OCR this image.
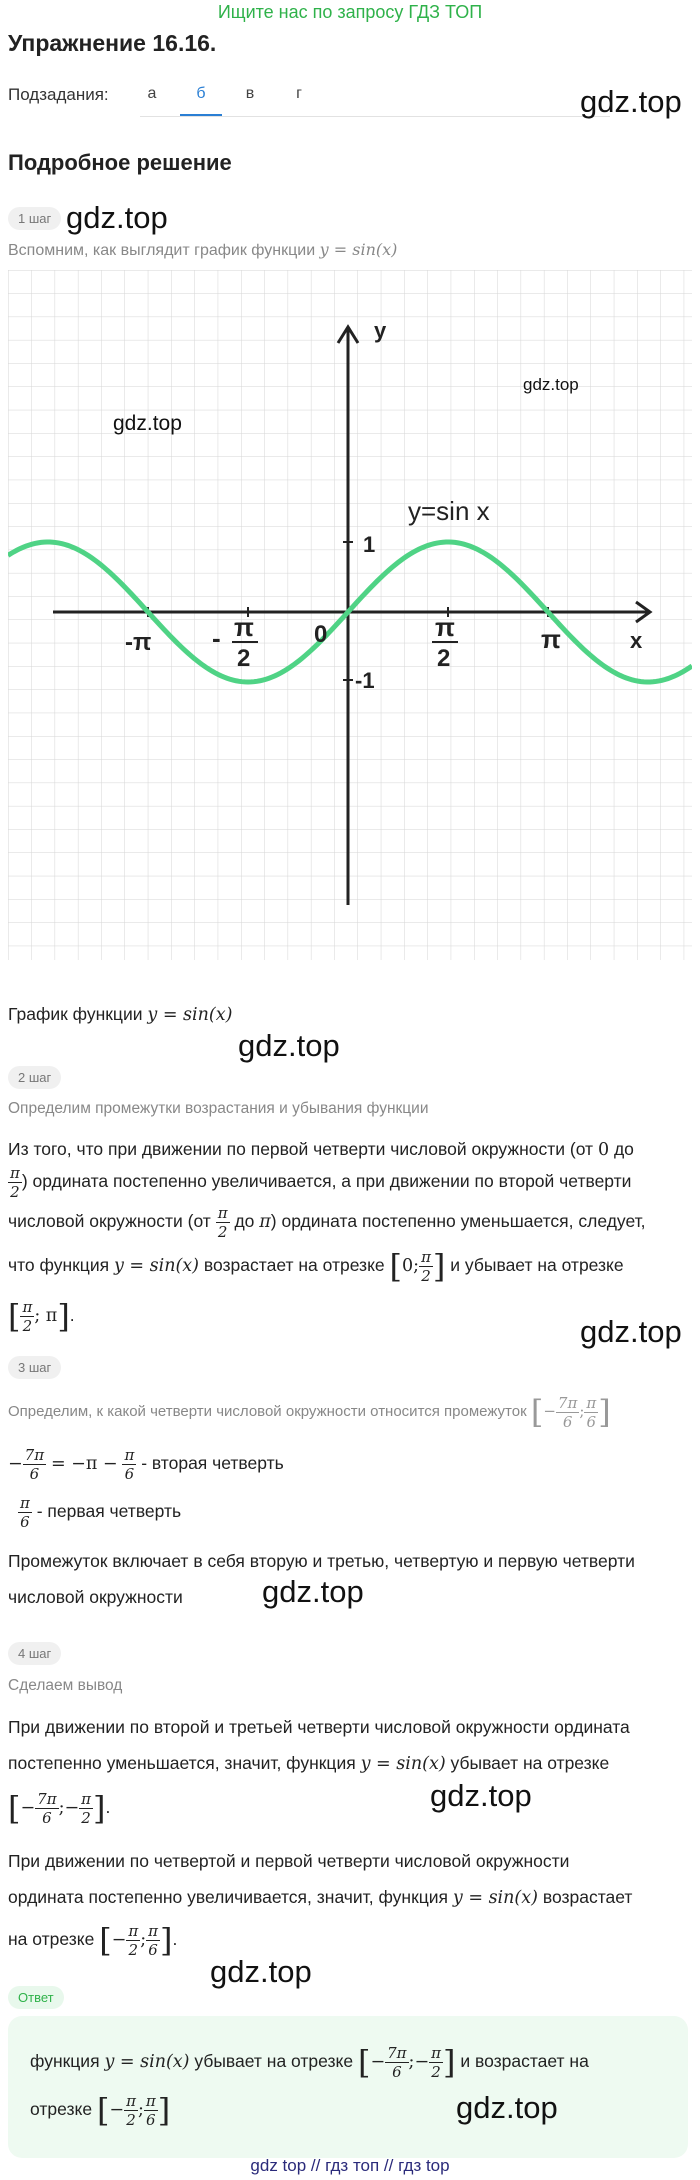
Ищите нас по запросу ГДЗ ТОП
Упражнение 16.16.
Подзадания:	а	б	в	г	gdz.top
Подробное решение
1 шаг gdz.top
Вспомним, как выглядит график функции y = sin(x)
y
x
y=sin x
1
-1
0
-π - π
2
π
2
π
gdz.top
gdz.top
График функции y = sin(x)
gdz.top
2 шаг
Определим промежутки возрастания и убывания функции
Из того, что при движении по первой четверти числовой окружности (от 0 до
$\frac{\pi}{2}$ ) ордината постепенно увеличивается, а при движении по второй четверти
числовой окружности ($от \frac{\pi}{2}$ до π) ордината постепенно уменьшается, следует,
что функция y = sin(x) возрастает на отрезке [0; $\frac{\pi}{2}$ ] и убывает на отрезке
[ $\frac{\pi}{2}$ ; π].	gdz.top
3 шаг
Определим, к какой четверти числовой окружности относится промежуток [− $\frac{7\pi}{6}$ ; $\frac{\pi}{6}$ ]
− $\frac{7\pi}{6} = -\pi - \frac{\pi}{6}$ - вторая четверть
$\frac{\pi}{6}$ - первая четверть
Промежуток включает в себя вторую и третью, четвертую и первую четверти
числовой окружности	gdz.top
4 шаг
Сделаем вывод
При движении по второй и третьей четверти числовой окружности ордината
постепенно уменьшается, значит, функция y = sin(x) убывает на отрезке
[− $\frac{7\pi}{6}$ ;− $\frac{\pi}{2}$ ].	gdz.top
При движении по четвертой и первой четверти числовой окружности
ордината постепенно увеличивается, значит, функция y = sin(x) возрастает
на отрезке [− $\frac{\pi}{2}$ ; $\frac{\pi}{6}$ ].
gdz.top
Ответ
функция y = sin(x) убывает на отрезке [− $\frac{7\pi}{6}$ ;− $\frac{\pi}{2}$ ] и возрастает на
отрезке [− $\frac{\pi}{2}$ ; $\frac{\pi}{6}$ ]	gdz.top
gdz top // гдз топ // гдз top
